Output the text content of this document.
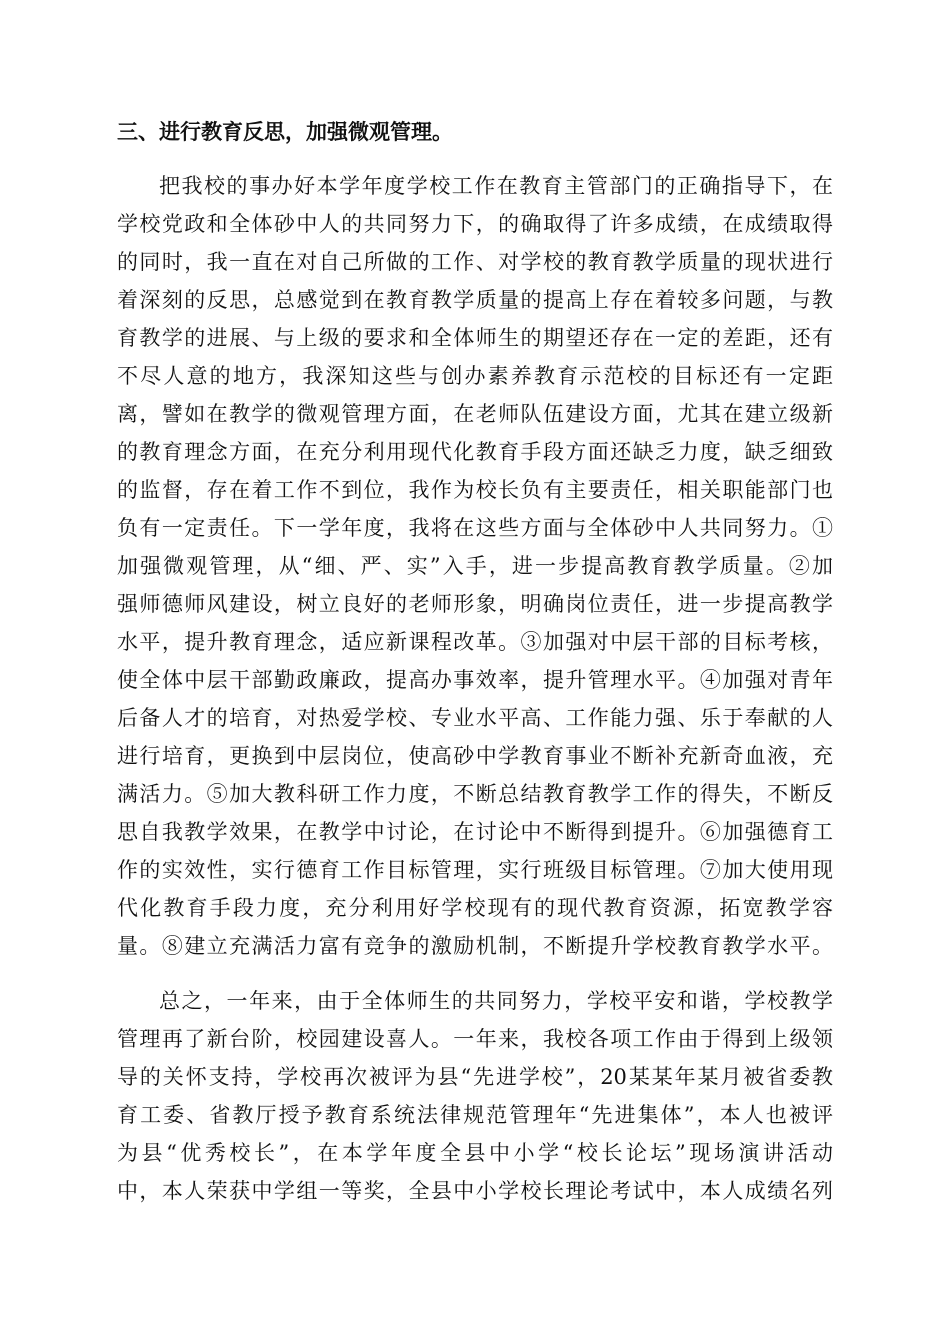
三、进行教育反思，加强微观管理。
把我校的事办好本学年度学校工作在教育主管部门的正确指导下，在
学校党政和全体砂中人的共同努力下，的确取得了许多成绩，在成绩取得
的同时，我一直在对自己所做的工作、对学校的教育教学质量的现状进行
着深刻的反思，总感觉到在教育教学质量的提高上存在着较多问题，与教
育教学的进展、与上级的要求和全体师生的期望还存在一定的差距，还有
不尽人意的地方，我深知这些与创办素养教育示范校的目标还有一定距
离，譬如在教学的微观管理方面，在老师队伍建设方面，尤其在建立级新
的教育理念方面，在充分利用现代化教育手段方面还缺乏力度，缺乏细致
的监督，存在着工作不到位，我作为校长负有主要责任，相关职能部门也
负有一定责任。下一学年度，我将在这些方面与全体砂中人共同努力。①
加强微观管理，从“细、严、实”入手，进一步提高教育教学质量。②加
强师德师风建设，树立良好的老师形象，明确岗位责任，进一步提高教学
水平，提升教育理念，适应新课程改革。③加强对中层干部的目标考核，
使全体中层干部勤政廉政，提高办事效率，提升管理水平。④加强对青年
后备人才的培育，对热爱学校、专业水平高、工作能力强、乐于奉献的人
进行培育，更换到中层岗位，使高砂中学教育事业不断补充新奇血液，充
满活力。⑤加大教科研工作力度，不断总结教育教学工作的得失，不断反
思自我教学效果，在教学中讨论，在讨论中不断得到提升。⑥加强德育工
作的实效性，实行德育工作目标管理，实行班级目标管理。⑦加大使用现
代化教育手段力度，充分利用好学校现有的现代教育资源，拓宽教学容
量。⑧建立充满活力富有竞争的激励机制，不断提升学校教育教学水平。
总之，一年来，由于全体师生的共同努力，学校平安和谐，学校教学
管理再了新台阶，校园建设喜人。一年来，我校各项工作由于得到上级领
导的关怀支持，学校再次被评为县“先进学校”，20某某年某月被省委教
育工委、省教厅授予教育系统法律规范管理年“先进集体”，本人也被评
为县“优秀校长”，在本学年度全县中小学“校长论坛”现场演讲活动
中，本人荣获中学组一等奖，全县中小学校长理论考试中，本人成绩名列
